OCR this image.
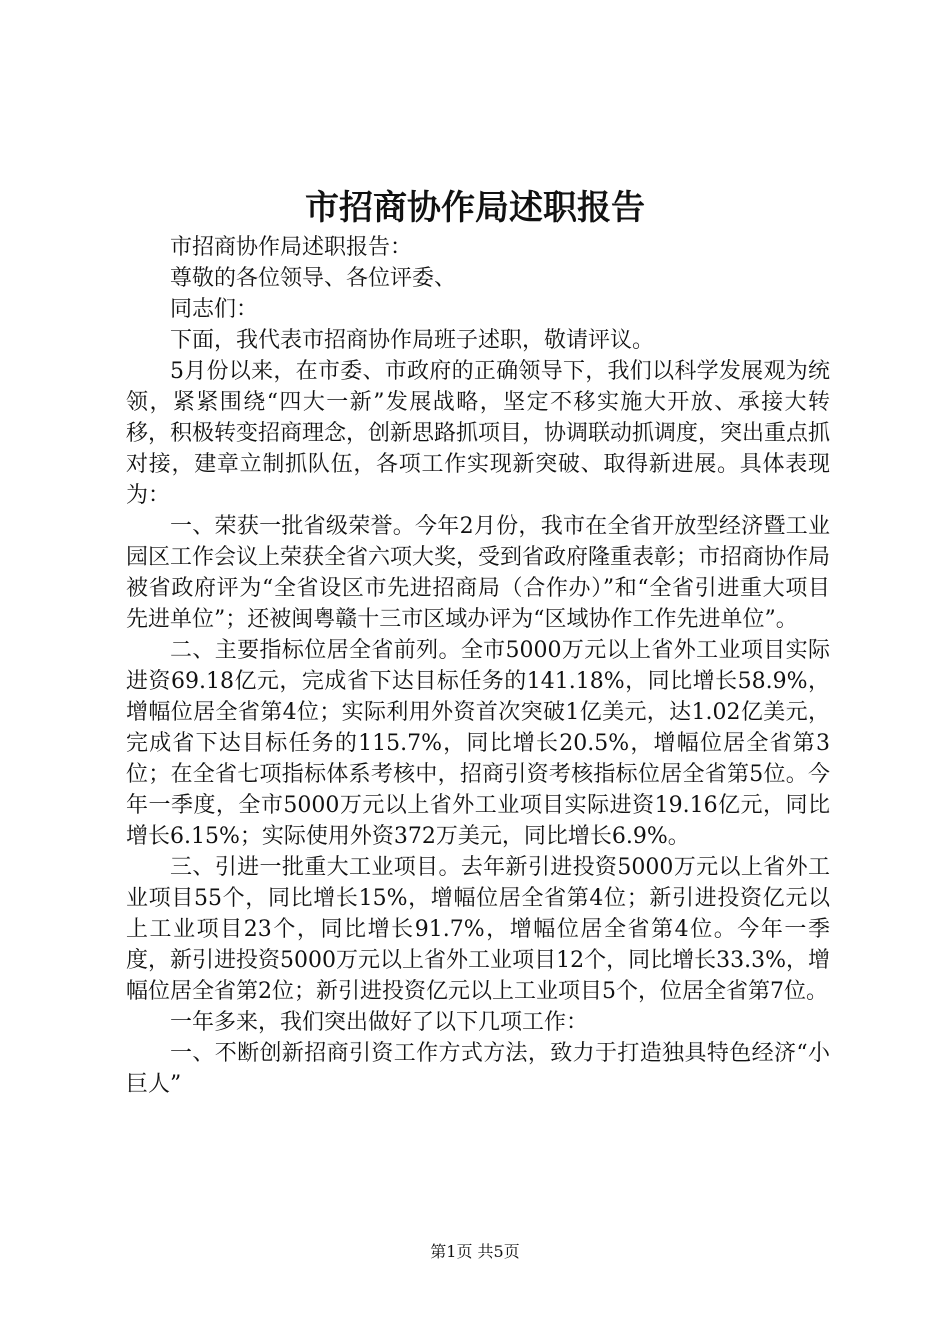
市招商协作局述职报告

市招商协作局述职报告：

尊敬的各位领导、各位评委、

同志们：

下面，我代表市招商协作局班子述职，敬请评议。

5月份以来，在市委、市政府的正确领导下，我们以科学发展观为统领，紧紧围绕“四大一新”发展战略，坚定不移实施大开放、承接大转移，积极转变招商理念，创新思路抓项目，协调联动抓调度，突出重点抓对接，建章立制抓队伍，各项工作实现新突破、取得新进展。具体表现为：

一、荣获一批省级荣誉。今年2月份，我市在全省开放型经济暨工业园区工作会议上荣获全省六项大奖，受到省政府隆重表彰；市招商协作局被省政府评为“全省设区市先进招商局（合作办）”和“全省引进重大项目先进单位”；还被闽粤赣十三市区域办评为“区域协作工作先进单位”。

二、主要指标位居全省前列。全市5000万元以上省外工业项目实际进资69.18亿元，完成省下达目标任务的141.18%，同比增长58.9%，增幅位居全省第4位；实际利用外资首次突破1亿美元，达1.02亿美元，完成省下达目标任务的115.7%，同比增长20.5%，增幅位居全省第3位；在全省七项指标体系考核中，招商引资考核指标位居全省第5位。今年一季度，全市5000万元以上省外工业项目实际进资19.16亿元，同比增长6.15%；实际使用外资372万美元，同比增长6.9%。

三、引进一批重大工业项目。去年新引进投资5000万元以上省外工业项目55个，同比增长15%，增幅位居全省第4位；新引进投资亿元以上工业项目23个，同比增长91.7%，增幅位居全省第4位。今年一季度，新引进投资5000万元以上省外工业项目12个，同比增长33.3%，增幅位居全省第2位；新引进投资亿元以上工业项目5个，位居全省第7位。

一年多来，我们突出做好了以下几项工作：

一、不断创新招商引资工作方式方法，致力于打造独具特色经济“小巨人”

第1页 共5页
